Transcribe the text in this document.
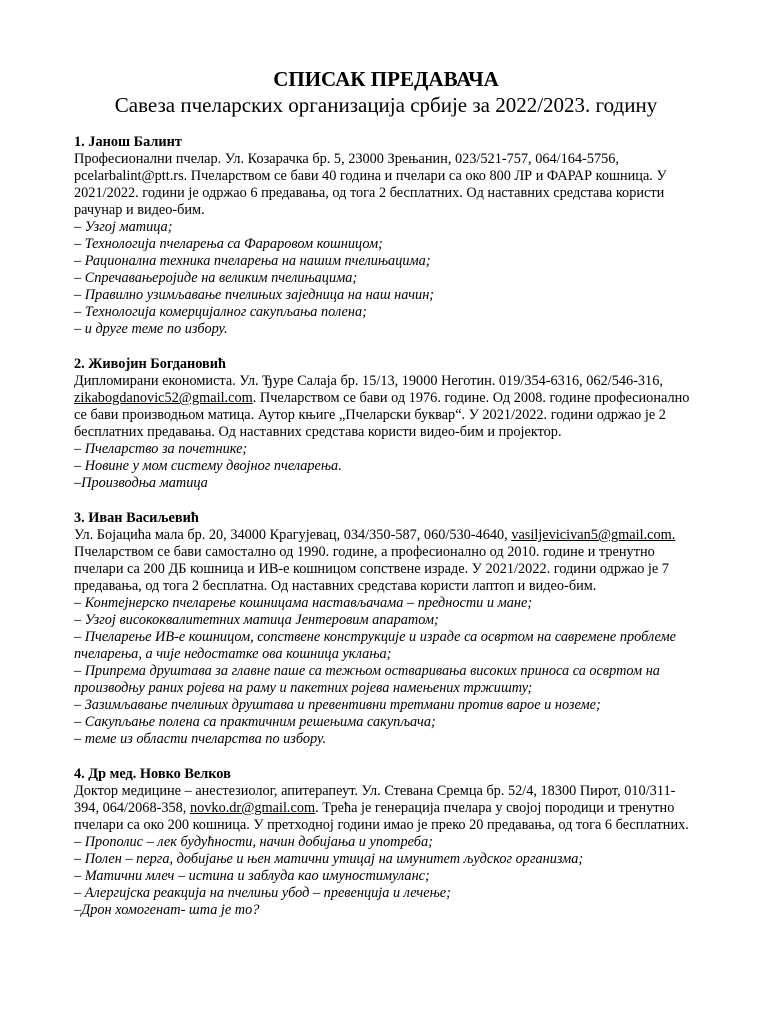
СПИСАК ПРЕДАВАЧА
Савеза пчеларских организација србије за 2022/2023. годину
1. Јанош Балинт

Професионални пчелар. Ул. Козарачка бр. 5, 23000 Зрењанин, 023/521-757, 064/164-5756, pcelarbalint@ptt.rs. Пчеларством се бави 40 година и пчелари са око 800 ЛР и ФАРАР кошница. У 2021/2022. години је одржао 6 предавања, од тога 2 бесплатних. Од наставних средстава користи рачунар и видео-бим.

– Узгој матица;
– Технологија пчеларења са Фараровом кошницом;
– Рационална техника пчеларења на нашим пчелињацима;
– Спречавањеројиде на великим пчелињацима;
– Правилно узимљавање пчелињих заједница на наш начин;
– Технологија комерцијалног сакупљања полена;
– и друге теме по избору.
2. Живојин Богдановић

Дипломирани економиста. Ул. Ђуре Салаја бр. 15/13, 19000 Неготин. 019/354-6316, 062/546-316, zikabogdanovic52@gmail.com. Пчеларством се бави од 1976. године. Од 2008. године професионално се бави производњом матица. Аутор књиге „Пчеларски буквар“. У 2021/2022. години одржао је 2 бесплатних предавања. Од наставних средстава користи видео-бим и пројектор.

– Пчеларство за почетнике;
– Новине у мом систему двојног пчеларења.
–Производња матица
3. Иван Васиљевић

Ул. Бојацића мала бр. 20, 34000 Крагујевац, 034/350-587, 060/530-4640, vasiljevicivan5@gmail.com. Пчеларством се бави самостално од 1990. године, а професионално од 2010. године и тренутно пчелари са 200 ДБ кошница и ИВ-е кошницом сопствене израде. У 2021/2022. години одржао је 7 предавања, од тога 2 бесплатна. Од наставних средстава користи лаптоп и видео-бим.

– Контејнерско пчеларење кошницама настављачама – предности и мане;
– Узгој висококвалитетних матица Јентеровим апаратом;
– Пчеларење ИВ-е кошницом, сопствене конструкције и израде са освртом на савремене проблеме пчеларења, а чије недостатке ова кошница уклања;
– Припрема друштава за главне паше са тежњом остваривања високих приноса са освртом на производњу раних ројева на раму и пакетних ројева намењених тржишту;
– Зазимљавање пчелињих друштава и превентивни третмани против вароe и ноземе;
– Сакупљање полена са практичним решењима сакупљача;
– теме из области пчеларства по избору.
4. Др мед. Новко Велков

Доктор медицине – анестезиолог, апитерапеут. Ул. Стевана Сремца бр. 52/4, 18300 Пирот, 010/311-394, 064/2068-358, novko.dr@gmail.com. Трећа је генерација пчелара у својој породици и тренутно пчелари са око 200 кошница. У претходној години имао је преко 20 предавања, од тога 6 бесплатних.

– Прополис – лек будућности, начин добијања и употреба;
– Полен – перга, добијање и њен матични утицај на имунитет људског организма;
– Матични млеч – истина и заблуда као имуностимуланс;
– Алергијска реакција на пчелињи убод – превенција и лечење;
–Дрон хомогенат- шта је то?
